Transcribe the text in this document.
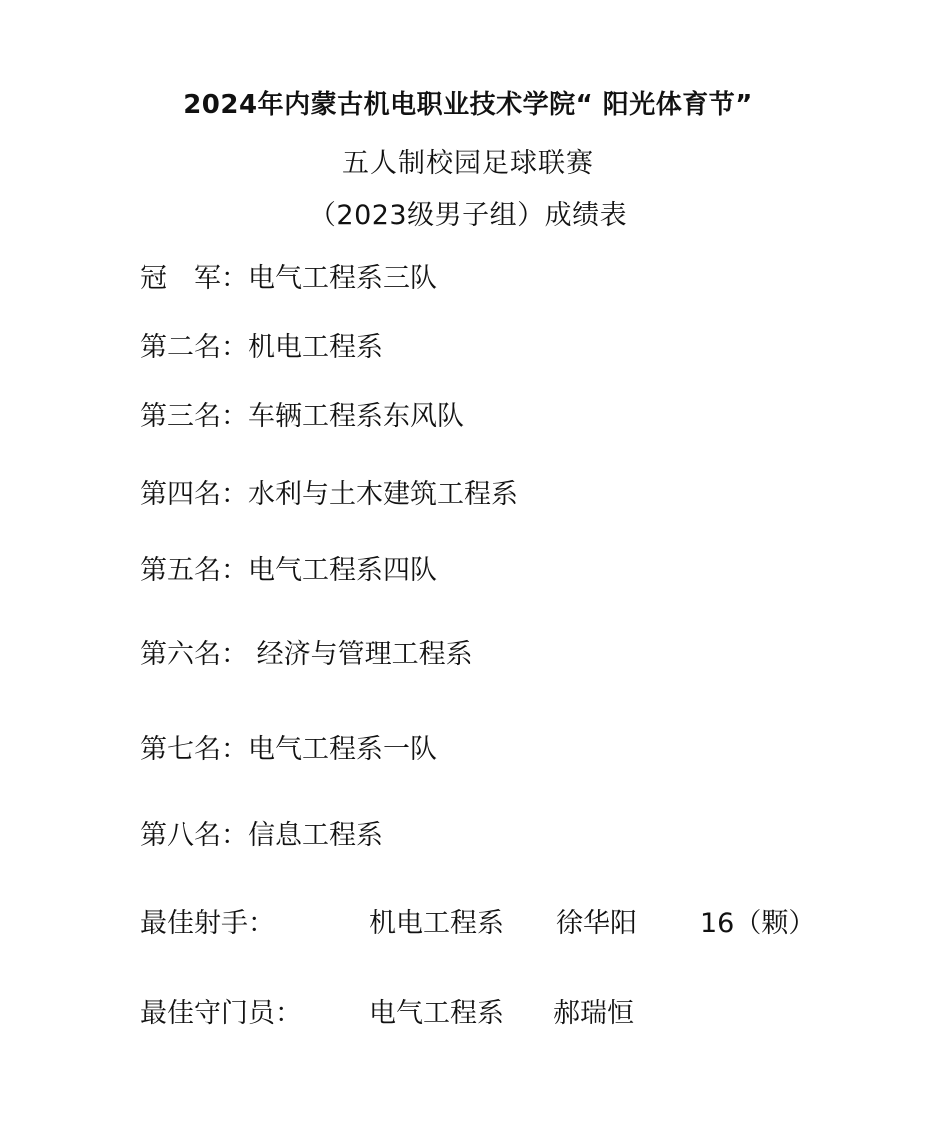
2024年内蒙古机电职业技术学院“ 阳光体育节”
五人制校园足球联赛
（2023级男子组）成绩表
冠　军：电气工程系三队
第二名：机电工程系
第三名：车辆工程系东风队
第四名：水利与土木建筑工程系
第五名：电气工程系四队
第六名： 经济与管理工程系
第七名：电气工程系一队
第八名：信息工程系
最佳射手：	机电工程系 徐华阳 16（颗）
最佳守门员： 电气工程系 郝瑞恒
